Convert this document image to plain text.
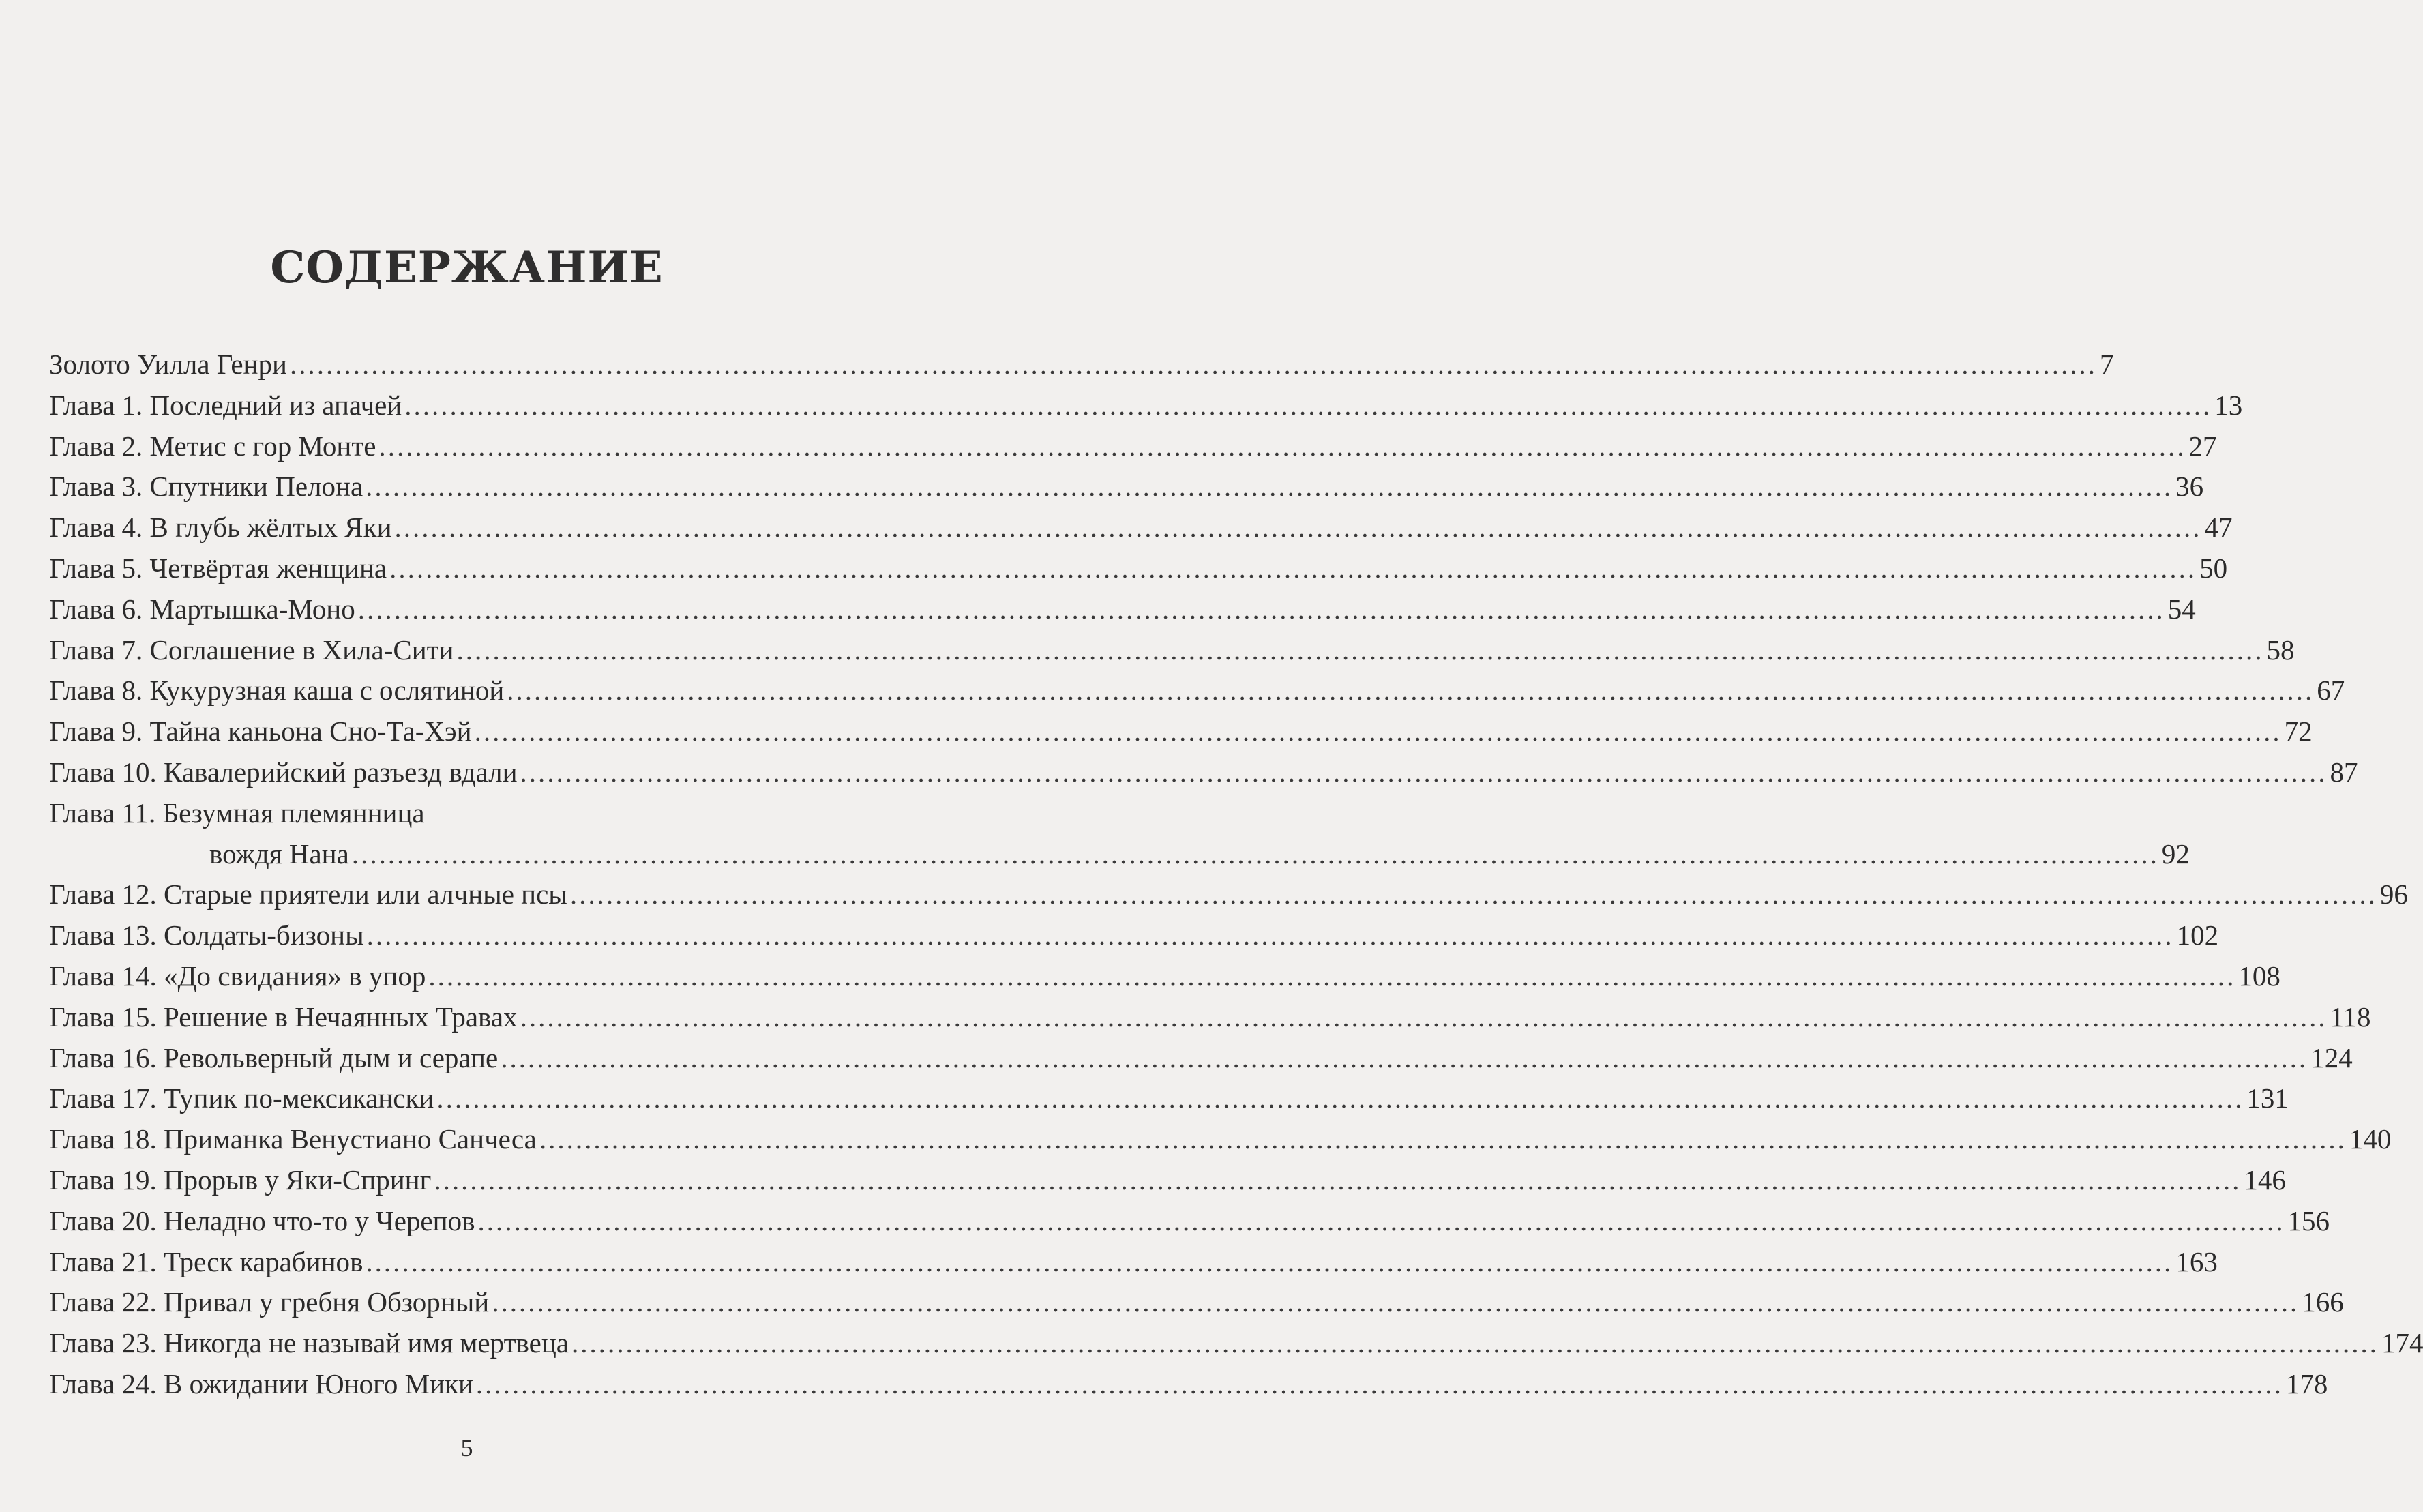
СОДЕРЖАНИЕ
Золото Уилла Генри ........................................................................................................................................................................................................ 7
Глава 1. Последний из апачей ........................................................................................................................................................................................................ 13
Глава 2. Метис с гор Монте ........................................................................................................................................................................................................ 27
Глава 3. Спутники Пелона ........................................................................................................................................................................................................ 36
Глава 4. В глубь жёлтых Яки ........................................................................................................................................................................................................ 47
Глава 5. Четвёртая женщина ........................................................................................................................................................................................................ 50
Глава 6. Мартышка-Моно ........................................................................................................................................................................................................ 54
Глава 7. Соглашение в Хила-Сити ........................................................................................................................................................................................................ 58
Глава 8. Кукурузная каша с ослятиной ........................................................................................................................................................................................................ 67
Глава 9. Тайна каньона Сно-Та-Хэй ........................................................................................................................................................................................................ 72
Глава 10. Кавалерийский разъезд вдали ........................................................................................................................................................................................................ 87
Глава 11. Безумная племянница
вождя Нана ........................................................................................................................................................................................................ 92
Глава 12. Старые приятели или алчные псы ........................................................................................................................................................................................................ 96
Глава 13. Солдаты-бизоны ........................................................................................................................................................................................................ 102
Глава 14. «До свидания» в упор ........................................................................................................................................................................................................ 108
Глава 15. Решение в Нечаянных Травах ........................................................................................................................................................................................................ 118
Глава 16. Револьверный дым и серапе ........................................................................................................................................................................................................ 124
Глава 17. Тупик по-мексикански ........................................................................................................................................................................................................ 131
Глава 18. Приманка Венустиано Санчеса ........................................................................................................................................................................................................ 140
Глава 19. Прорыв у Яки-Спринг ........................................................................................................................................................................................................ 146
Глава 20. Неладно что-то у Черепов ........................................................................................................................................................................................................ 156
Глава 21. Треск карабинов ........................................................................................................................................................................................................ 163
Глава 22. Привал у гребня Обзорный ........................................................................................................................................................................................................ 166
Глава 23. Никогда не называй имя мертвеца ........................................................................................................................................................................................................ 174
Глава 24. В ожидании Юного Мики ........................................................................................................................................................................................................ 178
5
